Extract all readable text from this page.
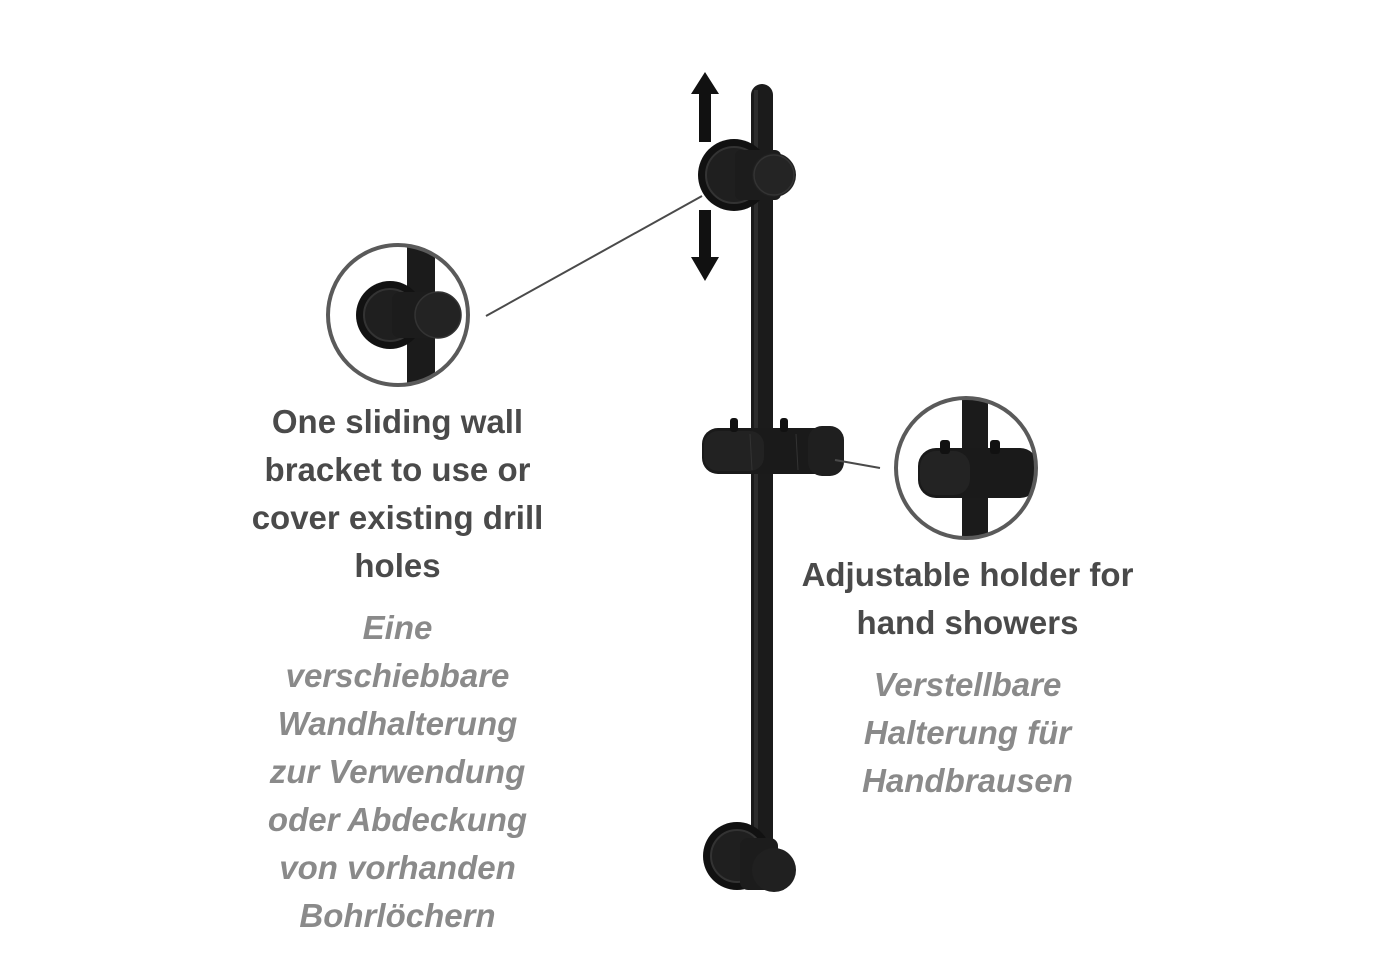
One sliding wall
bracket to use or
cover existing drill
holes
Eine
verschiebbare
Wandhalterung
zur Verwendung
oder Abdeckung
von vorhanden
Bohrlöchern
Adjustable holder for
hand showers
Verstellbare
Halterung für
Handbrausen
